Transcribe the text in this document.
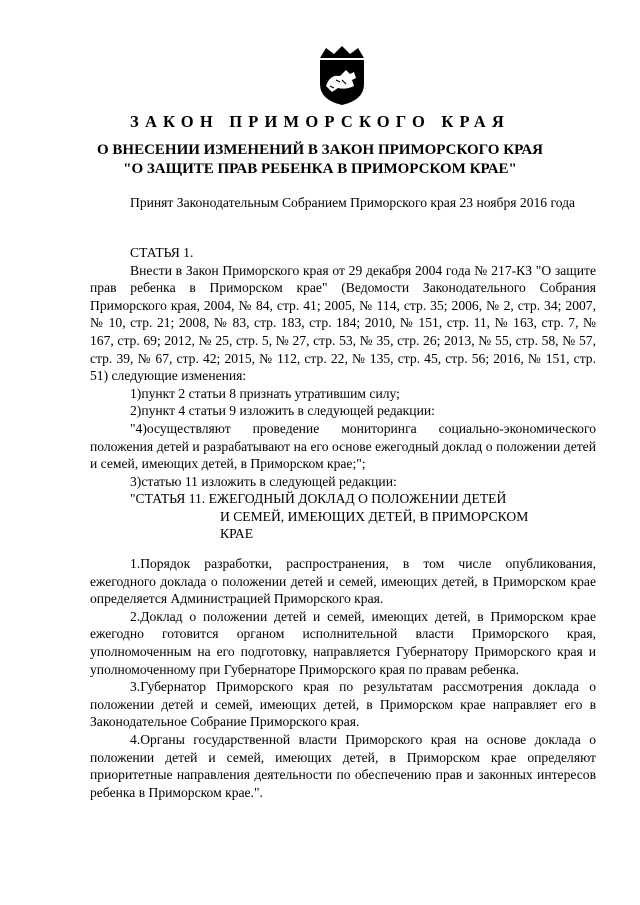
ЗАКОН ПРИМОРСКОГО КРАЯ
О ВНЕСЕНИИ ИЗМЕНЕНИЙ В ЗАКОН ПРИМОРСКОГО КРАЯ
"О ЗАЩИТЕ ПРАВ РЕБЕНКА В ПРИМОРСКОМ КРАЕ"

Принят Законодательным Собранием Приморского края 23 ноября 2016 года

СТАТЬЯ 1.

Внести в Закон Приморского края от 29 декабря 2004 года № 217-КЗ "О защите прав ребенка в Приморском крае" (Ведомости Законодательного Собрания Приморского края, 2004, № 84, стр. 41; 2005, № 114, стр. 35; 2006, № 2, стр. 34; 2007, № 10, стр. 21; 2008, № 83, стр. 183, стр. 184; 2010, № 151, стр. 11, № 163, стр. 7, № 167, стр. 69; 2012, № 25, стр. 5, № 27, стр. 53, № 35, стр. 26; 2013, № 55, стр. 58, № 57, стр. 39, № 67, стр. 42; 2015, № 112, стр. 22, № 135, стр. 45, стр. 56; 2016, № 151, стр. 51) следующие изменения:

1)пункт 2 статьи 8 признать утратившим силу;

2)пункт 4 статьи 9 изложить в следующей редакции:

"4)осуществляют проведение мониторинга социально-экономического положения детей и разрабатывают на его основе ежегодный доклад о положении детей и семей, имеющих детей, в Приморском крае;";

3)статью 11 изложить в следующей редакции:

"СТАТЬЯ 11. ЕЖЕГОДНЫЙ ДОКЛАД О ПОЛОЖЕНИИ ДЕТЕЙ
И СЕМЕЙ, ИМЕЮЩИХ ДЕТЕЙ, В ПРИМОРСКОМ
КРАЕ

1.Порядок разработки, распространения, в том числе опубликования, ежегодного доклада о положении детей и семей, имеющих детей, в Приморском крае определяется Администрацией Приморского края.

2.Доклад о положении детей и семей, имеющих детей, в Приморском крае ежегодно готовится органом исполнительной власти Приморского края, уполномоченным на его подготовку, направляется Губернатору Приморского края и уполномоченному при Губернаторе Приморского края по правам ребенка.

3.Губернатор Приморского края по результатам рассмотрения доклада о положении детей и семей, имеющих детей, в Приморском крае направляет его в Законодательное Собрание Приморского края.

4.Органы государственной власти Приморского края на основе доклада о положении детей и семей, имеющих детей, в Приморском крае определяют приоритетные направления деятельности по обеспечению прав и законных интересов ребенка в Приморском крае.".
